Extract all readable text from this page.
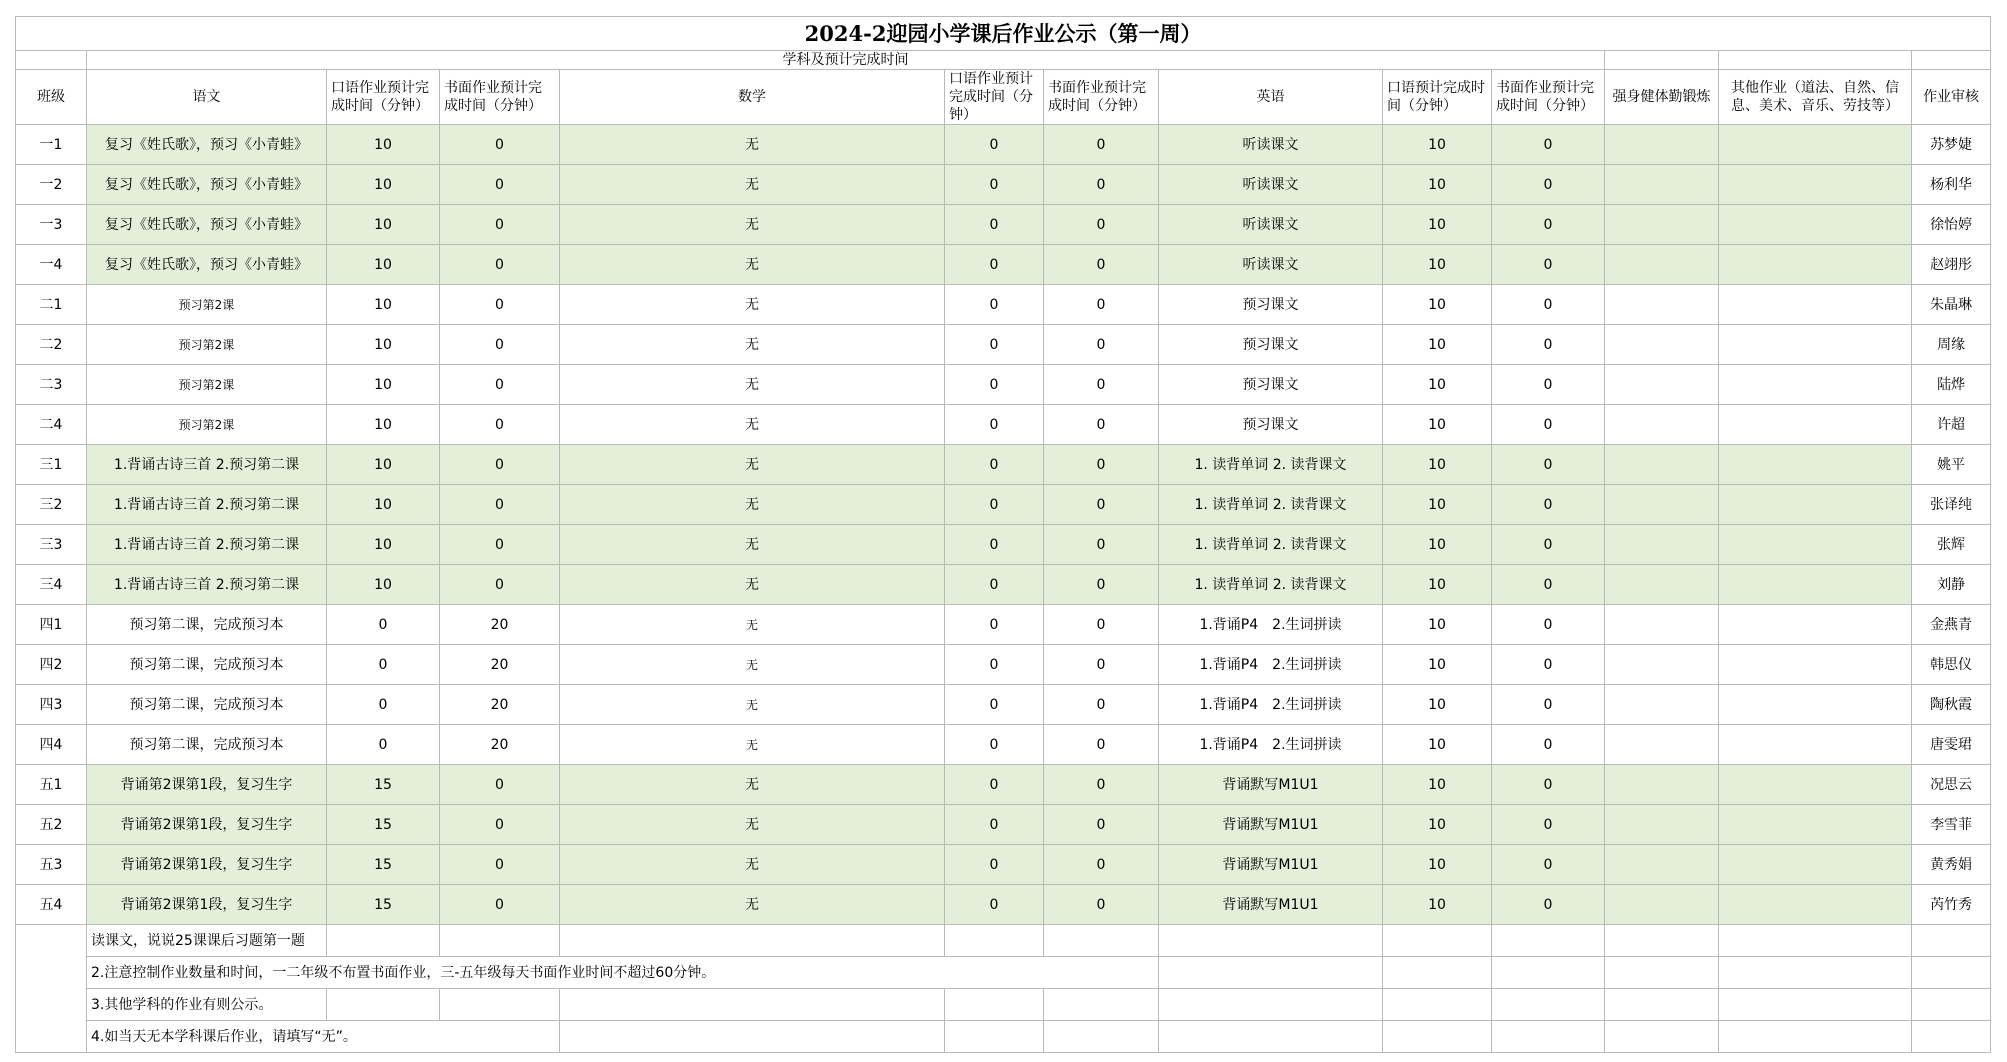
2024-2迎园小学课后作业公示（第一周）												
	学科及预计完成时间											
班级	语文	口语作业预计完成时间（分钟）	书面作业预计完成时间（分钟）	数学	口语作业预计完成时间（分钟）	书面作业预计完成时间（分钟）	英语	口语预计完成时间（分钟）	书面作业预计完成时间（分钟）	强身健体勤锻炼	其他作业（道法、自然、信息、美术、音乐、劳技等）	作业审核
一1	复习《姓氏歌》，预习《小青蛙》	10	0	无	0	0	听读课文	10	0			苏梦婕
一2	复习《姓氏歌》，预习《小青蛙》	10	0	无	0	0	听读课文	10	0			杨利华
一3	复习《姓氏歌》，预习《小青蛙》	10	0	无	0	0	听读课文	10	0			徐怡婷
一4	复习《姓氏歌》，预习《小青蛙》	10	0	无	0	0	听读课文	10	0			赵翊彤
二1	预习第2课	10	0	无	0	0	预习课文	10	0			朱晶琳
二2	预习第2课	10	0	无	0	0	预习课文	10	0			周缘
二3	预习第2课	10	0	无	0	0	预习课文	10	0			陆烨
二4	预习第2课	10	0	无	0	0	预习课文	10	0			许超
三1	1.背诵古诗三首 2.预习第二课	10	0	无	0	0	1. 读背单词 2. 读背课文	10	0			姚平
三2	1.背诵古诗三首 2.预习第二课	10	0	无	0	0	1. 读背单词 2. 读背课文	10	0			张译纯
三3	1.背诵古诗三首 2.预习第二课	10	0	无	0	0	1. 读背单词 2. 读背课文	10	0			张辉
三4	1.背诵古诗三首 2.预习第二课	10	0	无	0	0	1. 读背单词 2. 读背课文	10	0			刘静
四1	预习第二课，完成预习本	0	20	无	0	0	1.背诵P4　2.生词拼读	10	0			金燕青
四2	预习第二课，完成预习本	0	20	无	0	0	1.背诵P4　2.生词拼读	10	0			韩思仪
四3	预习第二课，完成预习本	0	20	无	0	0	1.背诵P4　2.生词拼读	10	0			陶秋霞
四4	预习第二课，完成预习本	0	20	无	0	0	1.背诵P4　2.生词拼读	10	0			唐雯珺
五1	背诵第2课第1段，复习生字	15	0	无	0	0	背诵默写M1U1	10	0			况思云
五2	背诵第2课第1段，复习生字	15	0	无	0	0	背诵默写M1U1	10	0			李雪菲
五3	背诵第2课第1段，复习生字	15	0	无	0	0	背诵默写M1U1	10	0			黄秀娟
五4	背诵第2课第1段，复习生字	15	0	无	0	0	背诵默写M1U1	10	0			芮竹秀
	读课文，说说25课课后习题第一题											
	2.注意控制作业数量和时间，一二年级不布置书面作业，三-五年级每天书面作业时间不超过60分钟。											
	3.其他学科的作业有则公示。											
	4.如当天无本学科课后作业，请填写“无”。											
